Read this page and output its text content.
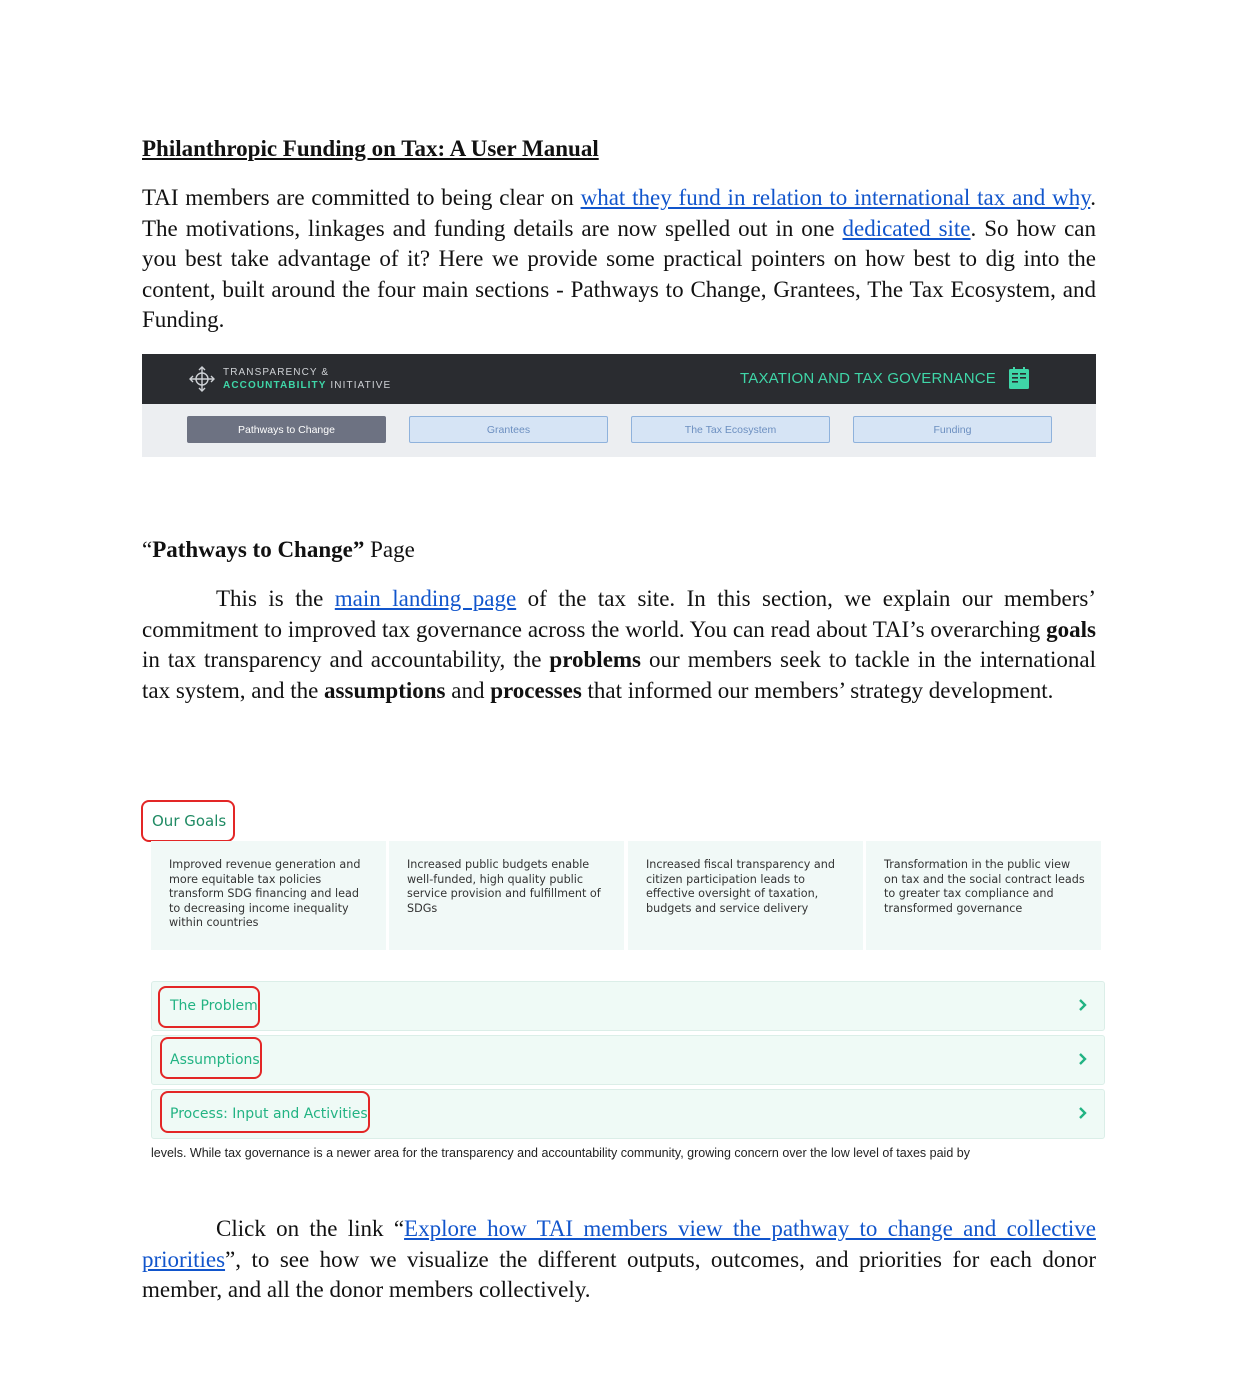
Philanthropic Funding on Tax: A User Manual

TAI members are committed to being clear on what they fund in relation to international tax and why. The motivations, linkages and funding details are now spelled out in one dedicated site. So how can you best take advantage of it? Here we provide some practical pointers on how best to dig into the content, built around the four main sections - Pathways to Change, Grantees, The Tax Ecosystem, and Funding.

TRANSPARENCY &
ACCOUNTABILITY INITIATIVE	TAXATION AND TAX GOVERNANCE
Pathways to Change	Grantees	The Tax Ecosystem	Funding
“Pathways to Change” Page

This is the main landing page of the tax site. In this section, we explain our members’ commitment to improved tax governance across the world. You can read about TAI’s overarching goals in tax transparency and accountability, the problems our members seek to tackle in the international tax system, and the assumptions and processes that informed our members’ strategy development.

Our Goals
Improved revenue generation and more equitable tax policies transform SDG financing and lead to decreasing income inequality within countries
Increased public budgets enable well-funded, high quality public service provision and fulfillment of SDGs
Increased fiscal transparency and citizen participation leads to effective oversight of taxation, budgets and service delivery
Transformation in the public view on tax and the social contract leads to greater tax compliance and transformed governance
The Problem
Assumptions
Process: Input and Activities
levels. While tax governance is a newer area for the transparency and accountability community, growing concern over the low level of taxes paid by

Click on the link “Explore how TAI members view the pathway to change and collective priorities”, to see how we visualize the different outputs, outcomes, and priorities for each donor member, and all the donor members collectively.
